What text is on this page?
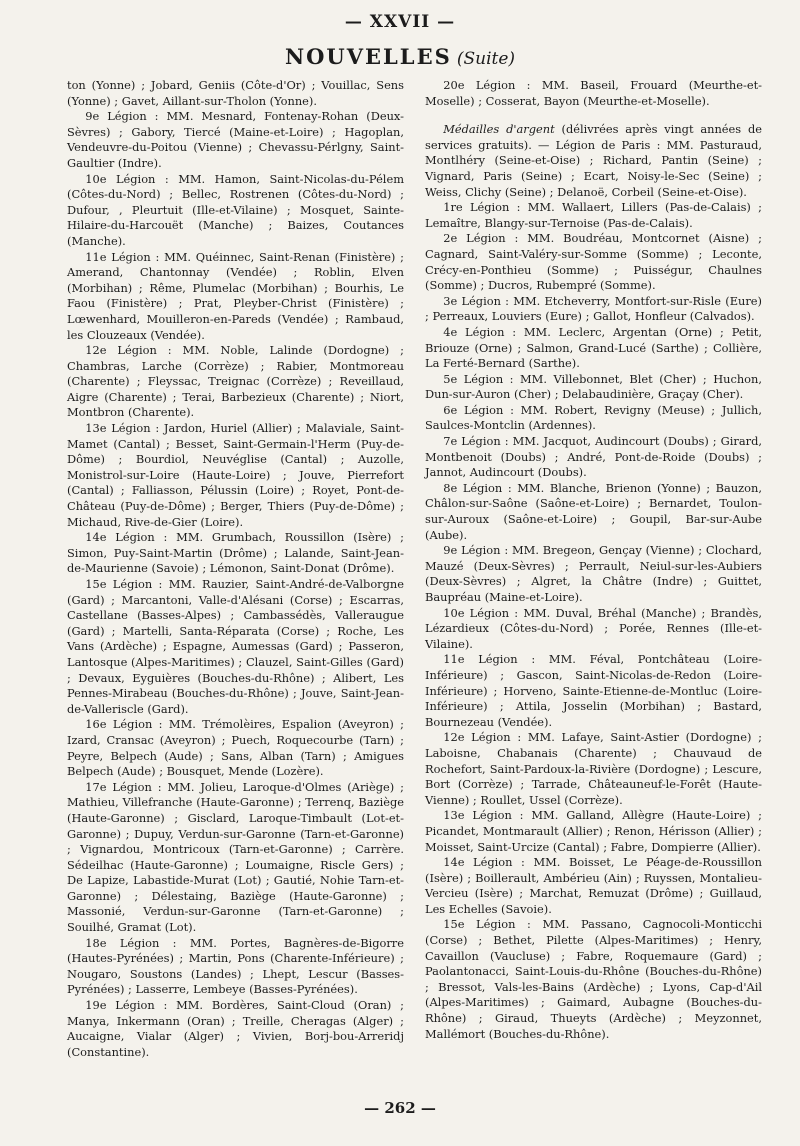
— XXVII —
NOUVELLES (Suite)

ton (Yonne) ; Jobard, Geniis (Côte-d'Or) ; Vouillac, Sens (Yonne) ; Gavet, Aillant-sur-Tholon (Yonne).

9e Légion : MM. Mesnard, Fontenay-Rohan (Deux-Sèvres) ; Gabory, Tiercé (Maine-et-Loire) ; Hagoplan, Vendeuvre-du-Poitou (Vienne) ; Chevassu-Pérlgny, Saint-Gaultier (Indre).

10e Légion : MM. Hamon, Saint-Nicolas-du-Pélem (Côtes-du-Nord) ; Bellec, Rostrenen (Côtes-du-Nord) ; Dufour, , Pleurtuit (Ille-et-Vilaine) ; Mosquet, Sainte-Hilaire-du-Harcouët (Manche) ; Baizes, Coutances (Manche).

11e Légion : MM. Quéinnec, Saint-Renan (Finistère) ; Amerand, Chantonnay (Vendée) ; Roblin, Elven (Morbihan) ; Rême, Plumelac (Morbihan) ; Bourhis, Le Faou (Finistère) ; Prat, Pleyber-Christ (Finistère) ; Lœwenhard, Mouilleron-en-Pareds (Vendée) ; Rambaud, les Clouzeaux (Vendée).

12e Légion : MM. Noble, Lalinde (Dordogne) ; Chambras, Larche (Corrèze) ; Rabier, Montmoreau (Charente) ; Fleyssac, Treignac (Corrèze) ; Reveillaud, Aigre (Charente) ; Terai, Barbezieux (Charente) ; Niort, Montbron (Charente).

13e Légion : Jardon, Huriel (Allier) ; Malaviale, Saint-Mamet (Cantal) ; Besset, Saint-Germain-l'Herm (Puy-de-Dôme) ; Bourdiol, Neuvéglise (Cantal) ; Auzolle, Monistrol-sur-Loire (Haute-Loire) ; Jouve, Pierrefort (Cantal) ; Falliasson, Pélussin (Loire) ; Royet, Pont-de-Château (Puy-de-Dôme) ; Berger, Thiers (Puy-de-Dôme) ; Michaud, Rive-de-Gier (Loire).

14e Légion : MM. Grumbach, Roussillon (Isère) ; Simon, Puy-Saint-Martin (Drôme) ; Lalande, Saint-Jean-de-Maurienne (Savoie) ; Lémonon, Saint-Donat (Drôme).

15e Légion : MM. Rauzier, Saint-André-de-Valborgne (Gard) ; Marcantoni, Valle-d'Alésani (Corse) ; Escarras, Castellane (Basses-Alpes) ; Cambassédès, Valleraugue (Gard) ; Martelli, Santa-Réparata (Corse) ; Roche, Les Vans (Ardèche) ; Espagne, Aumessas (Gard) ; Passeron, Lantosque (Alpes-Maritimes) ; Clauzel, Saint-Gilles (Gard) ; Devaux, Eyguières (Bouches-du-Rhône) ; Alibert, Les Pennes-Mirabeau (Bouches-du-Rhône) ; Jouve, Saint-Jean-de-Valleriscle (Gard).

16e Légion : MM. Trémolèires, Espalion (Aveyron) ; Izard, Cransac (Aveyron) ; Puech, Roquecourbe (Tarn) ; Peyre, Belpech (Aude) ; Sans, Alban (Tarn) ; Amigues Belpech (Aude) ; Bousquet, Mende (Lozère).

17e Légion : MM. Jolieu, Laroque-d'Olmes (Ariège) ; Mathieu, Villefranche (Haute-Garonne) ; Terrenq, Baziège (Haute-Garonne) ; Gisclard, Laroque-Timbault (Lot-et-Garonne) ; Dupuy, Verdun-sur-Garonne (Tarn-et-Garonne) ; Vignardou, Montricoux (Tarn-et-Garonne) ; Carrère. Sédeilhac (Haute-Garonne) ; Loumaigne, Riscle Gers) ; De Lapize, Labastide-Murat (Lot) ; Gautié, Nohie Tarn-et-Garonne) ; Délestaing, Baziège (Haute-Garonne) ; Massonié, Verdun-sur-Garonne (Tarn-et-Garonne) ; Souilhé, Gramat (Lot).

18e Légion : MM. Portes, Bagnères-de-Bigorre (Hautes-Pyrénées) ; Martin, Pons (Charente-Inférieure) ; Nougaro, Soustons (Landes) ; Lhept, Lescur (Basses-Pyrénées) ; Lasserre, Lembeye (Basses-Pyrénées).

19e Légion : MM. Bordères, Saint-Cloud (Oran) ; Manya, Inkermann (Oran) ; Treille, Cheragas (Alger) ; Aucaigne, Vialar (Alger) ; Vivien, Borj-bou-Arreridj (Constantine).

20e Légion : MM. Baseil, Frouard (Meurthe-et-Moselle) ; Cosserat, Bayon (Meurthe-et-Moselle).

Médailles d'argent (délivrées après vingt années de services gratuits). — Légion de Paris : MM. Pasturaud, Montlhéry (Seine-et-Oise) ; Richard, Pantin (Seine) ; Vignard, Paris (Seine) ; Ecart, Noisy-le-Sec (Seine) ; Weiss, Clichy (Seine) ; Delanoë, Corbeil (Seine-et-Oise).

1re Légion : MM. Wallaert, Lillers (Pas-de-Calais) ; Lemaître, Blangy-sur-Ternoise (Pas-de-Calais).

2e Légion : MM. Boudréau, Montcornet (Aisne) ; Cagnard, Saint-Valéry-sur-Somme (Somme) ; Leconte, Crécy-en-Ponthieu (Somme) ; Puisségur, Chaulnes (Somme) ; Ducros, Rubempré (Somme).

3e Légion : MM. Etcheverry, Montfort-sur-Risle (Eure) ; Perreaux, Louviers (Eure) ; Gallot, Honfleur (Calvados).

4e Légion : MM. Leclerc, Argentan (Orne) ; Petit, Briouze (Orne) ; Salmon, Grand-Lucé (Sarthe) ; Collière, La Ferté-Bernard (Sarthe).

5e Légion : MM. Villebonnet, Blet (Cher) ; Huchon, Dun-sur-Auron (Cher) ; Delabaudinière, Graçay (Cher).

6e Légion : MM. Robert, Revigny (Meuse) ; Jullich, Saulces-Montclin (Ardennes).

7e Légion : MM. Jacquot, Audincourt (Doubs) ; Girard, Montbenoit (Doubs) ; André, Pont-de-Roide (Doubs) ; Jannot, Audincourt (Doubs).

8e Légion : MM. Blanche, Brienon (Yonne) ; Bauzon, Châlon-sur-Saône (Saône-et-Loire) ; Bernardet, Toulon-sur-Auroux (Saône-et-Loire) ; Goupil, Bar-sur-Aube (Aube).

9e Légion : MM. Bregeon, Gençay (Vienne) ; Clochard, Mauzé (Deux-Sèvres) ; Perrault, Neiul-sur-les-Aubiers (Deux-Sèvres) ; Algret, la Châtre (Indre) ; Guittet, Baupréau (Maine-et-Loire).

10e Légion : MM. Duval, Bréhal (Manche) ; Brandès, Lézardieux (Côtes-du-Nord) ; Porée, Rennes (Ille-et-Vilaine).

11e Légion : MM. Féval, Pontchâteau (Loire-Inférieure) ; Gascon, Saint-Nicolas-de-Redon (Loire-Inférieure) ; Horveno, Sainte-Etienne-de-Montluc (Loire-Inférieure) ; Attila, Josselin (Morbihan) ; Bastard, Bournezeau (Vendée).

12e Légion : MM. Lafaye, Saint-Astier (Dordogne) ; Laboisne, Chabanais (Charente) ; Chauvaud de Rochefort, Saint-Pardoux-la-Rivière (Dordogne) ; Lescure, Bort (Corrèze) ; Tarrade, Châteauneuf-le-Forêt (Haute-Vienne) ; Roullet, Ussel (Corrèze).

13e Légion : MM. Galland, Allègre (Haute-Loire) ; Picandet, Montmarault (Allier) ; Renon, Hérisson (Allier) ; Moisset, Saint-Urcize (Cantal) ; Fabre, Dompierre (Allier).

14e Légion : MM. Boisset, Le Péage-de-Roussillon (Isère) ; Boillerault, Ambérieu (Ain) ; Ruyssen, Montalieu-Vercieu (Isère) ; Marchat, Remuzat (Drôme) ; Guillaud, Les Echelles (Savoie).

15e Légion : MM. Passano, Cagnocoli-Monticchi (Corse) ; Bethet, Pilette (Alpes-Maritimes) ; Henry, Cavaillon (Vaucluse) ; Fabre, Roquemaure (Gard) ; Paolantonacci, Saint-Louis-du-Rhône (Bouches-du-Rhône) ; Bressot, Vals-les-Bains (Ardèche) ; Lyons, Cap-d'Ail (Alpes-Maritimes) ; Gaimard, Aubagne (Bouches-du-Rhône) ; Giraud, Thueyts (Ardèche) ; Meyzonnet, Mallémort (Bouches-du-Rhône).

— 262 —
